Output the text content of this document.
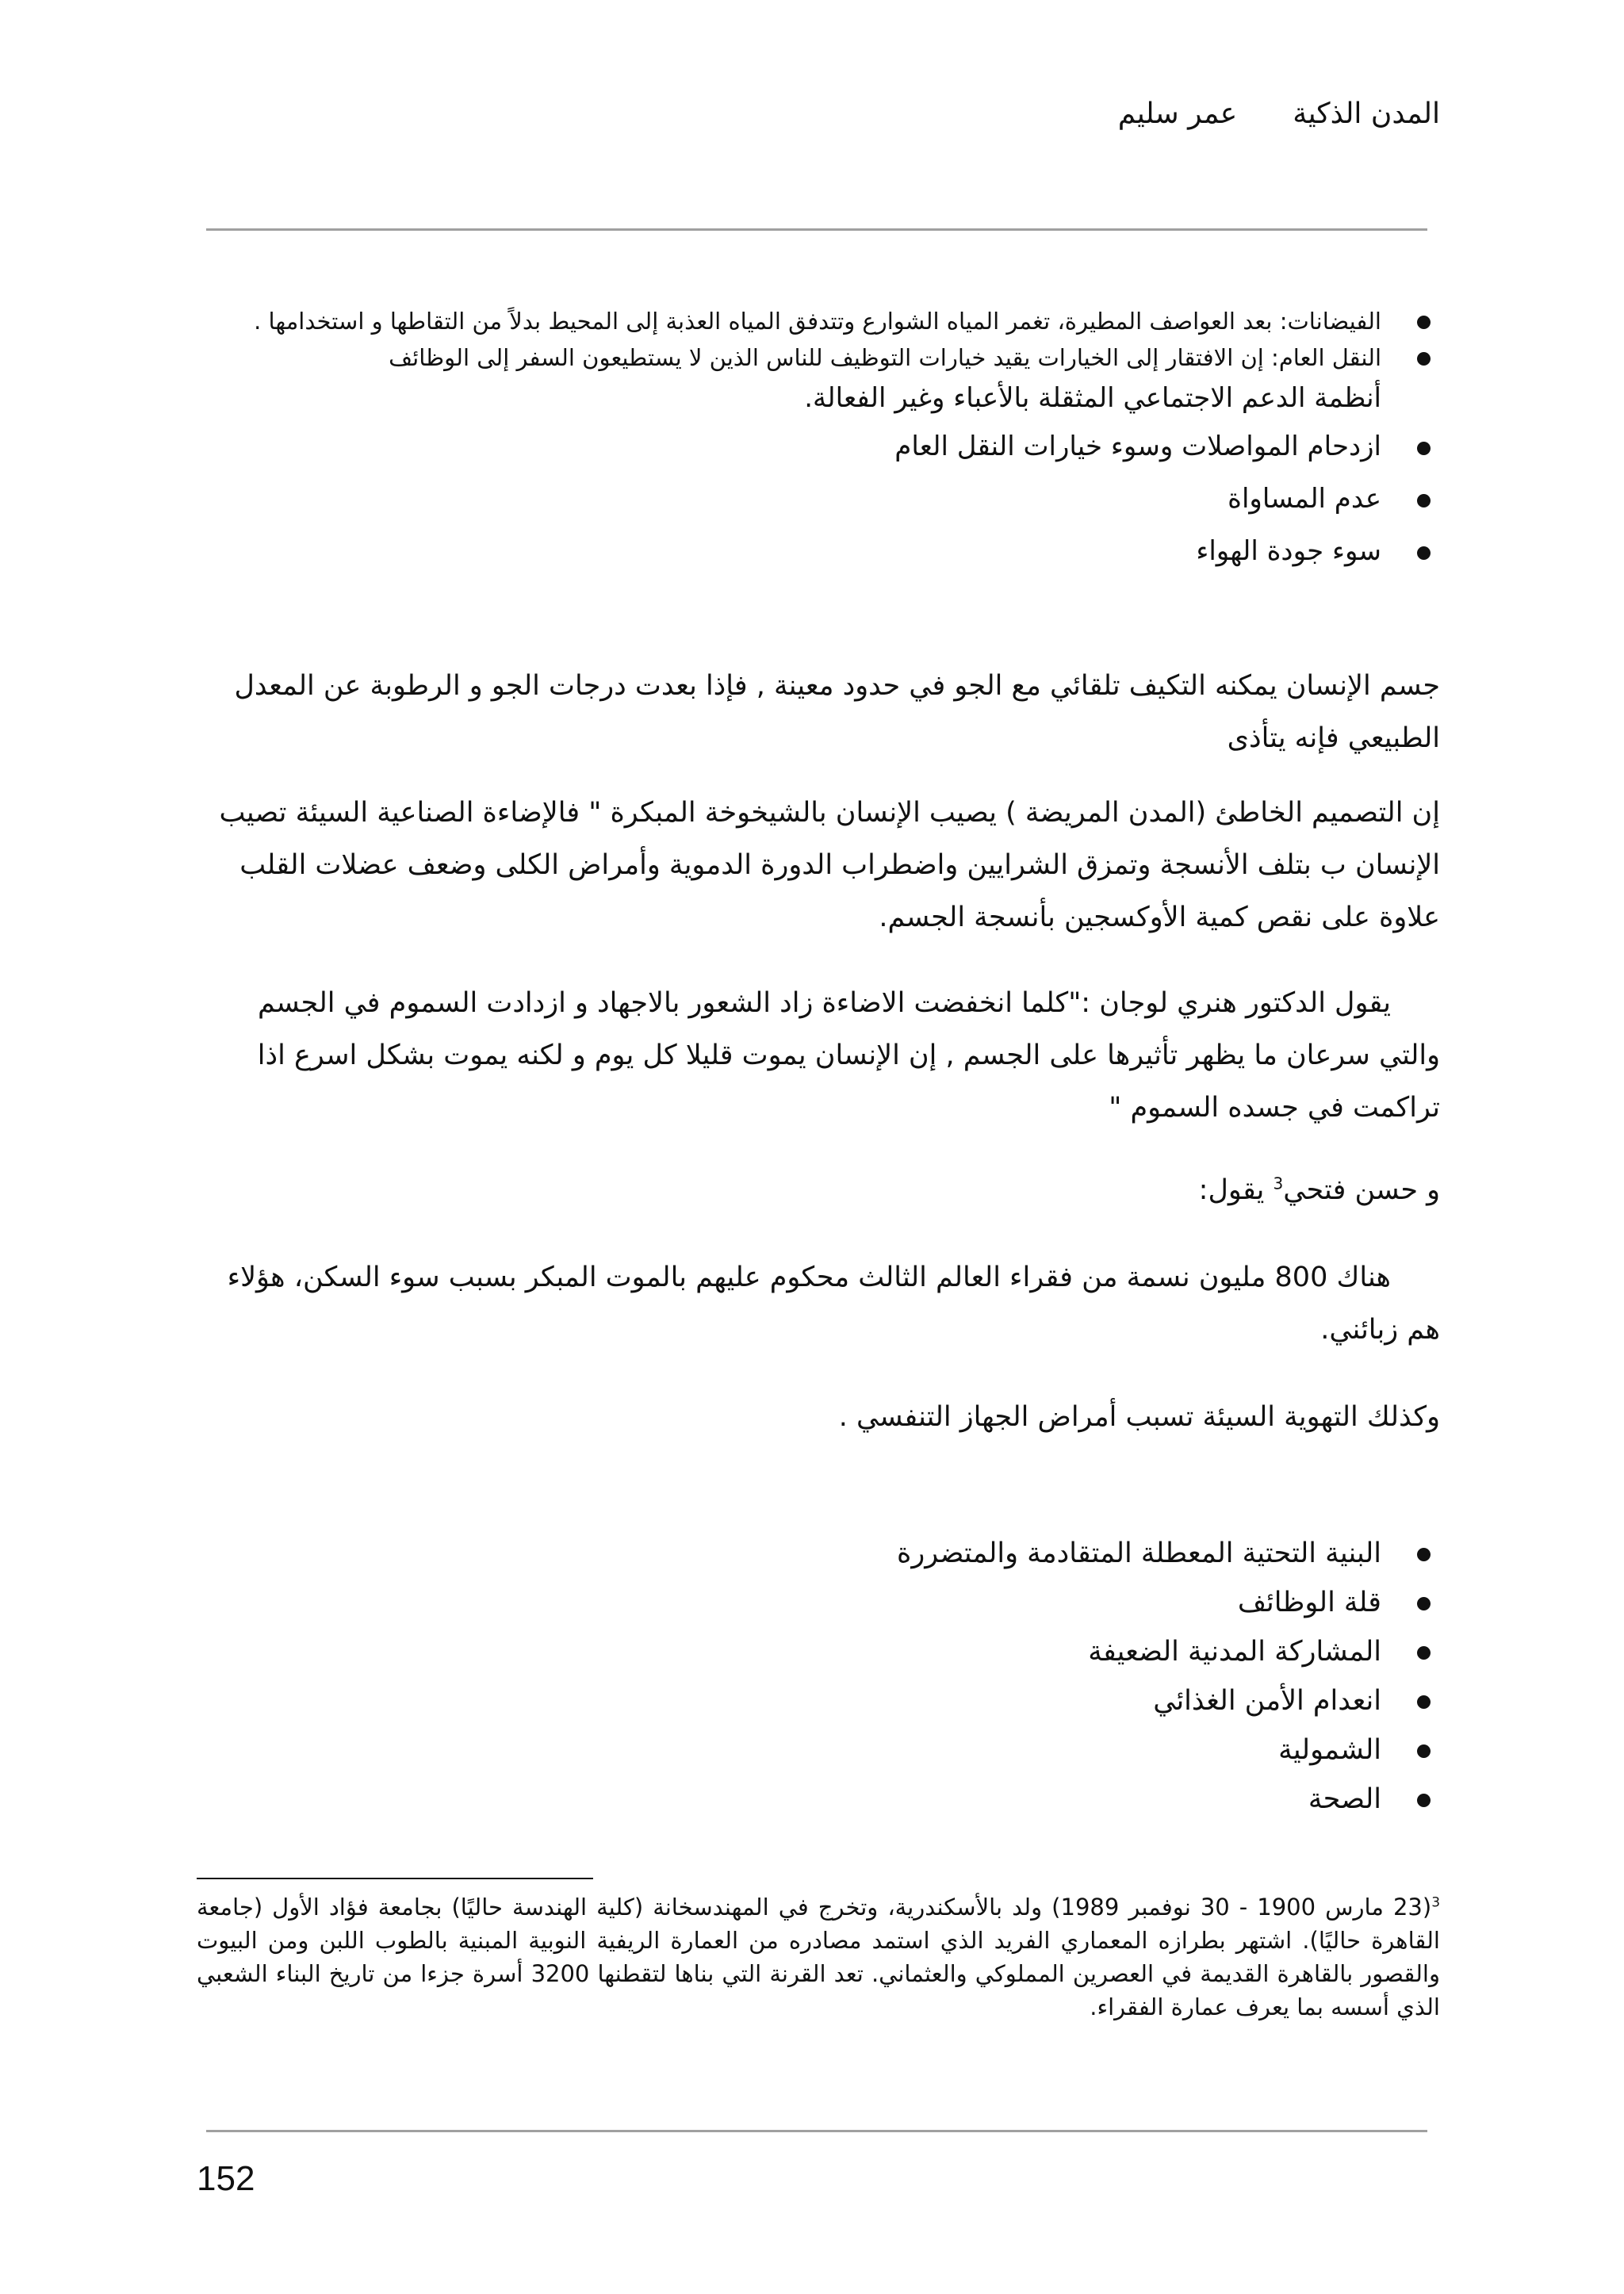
المدن الذكيةعمر سليم
الفيضانات: بعد العواصف المطيرة، تغمر المياه الشوارع وتتدفق المياه العذبة إلى المحيط بدلاً من التقاطها و استخدامها .
النقل العام: إن الافتقار إلى الخيارات يقيد خيارات التوظيف للناس الذين لا يستطيعون السفر إلى الوظائف
أنظمة الدعم الاجتماعي المثقلة بالأعباء وغير الفعالة.
ازدحام المواصلات وسوء خيارات النقل العام
عدم المساواة
سوء جودة الهواء

جسم الإنسان يمكنه التكيف تلقائي مع الجو في حدود معينة , فإذا بعدت درجات الجو و الرطوبة عن المعدل الطبيعي فإنه يتأذى

إن التصميم الخاطئ (المدن المريضة ) يصيب الإنسان بالشيخوخة المبكرة " فالإضاءة الصناعية السيئة تصيب الإنسان ب بتلف الأنسجة وتمزق الشرايين واضطراب الدورة الدموية وأمراض الكلى وضعف عضلات القلب علاوة على نقص كمية الأوكسجين بأنسجة الجسم.

يقول الدكتور هنري لوجان :"كلما انخفضت الاضاءة زاد الشعور بالاجهاد و ازدادت السموم في الجسم والتي سرعان ما يظهر تأثيرها على الجسم , إن الإنسان يموت قليلا كل يوم و لكنه يموت بشكل اسرع اذا تراكمت في جسده السموم "

و حسن فتحي$^3$ يقول:

هناك 800 مليون نسمة من فقراء العالم الثالث محكوم عليهم بالموت المبكر بسبب سوء السكن، هؤلاء هم زبائني.

وكذلك التهوية السيئة تسبب أمراض الجهاز التنفسي .

البنية التحتية المعطلة المتقادمة والمتضررة
قلة الوظائف
المشاركة المدنية الضعيفة
انعدام الأمن الغذائي
الشمولية
الصحة
$^3$(23 مارس 1900 - 30 نوفمبر 1989) ولد بالأسكندرية، وتخرج في المهندسخانة (كلية الهندسة حاليًا) بجامعة فؤاد الأول (جامعة القاهرة حاليًا). اشتهر بطرازه المعماري الفريد الذي استمد مصادره من العمارة الريفية النوبية المبنية بالطوب اللبن ومن البيوت والقصور بالقاهرة القديمة في العصرين المملوكي والعثماني. تعد القرنة التي بناها لتقطنها 3200 أسرة جزءا من تاريخ البناء الشعبي الذي أسسه بما يعرف عمارة الفقراء.
152
